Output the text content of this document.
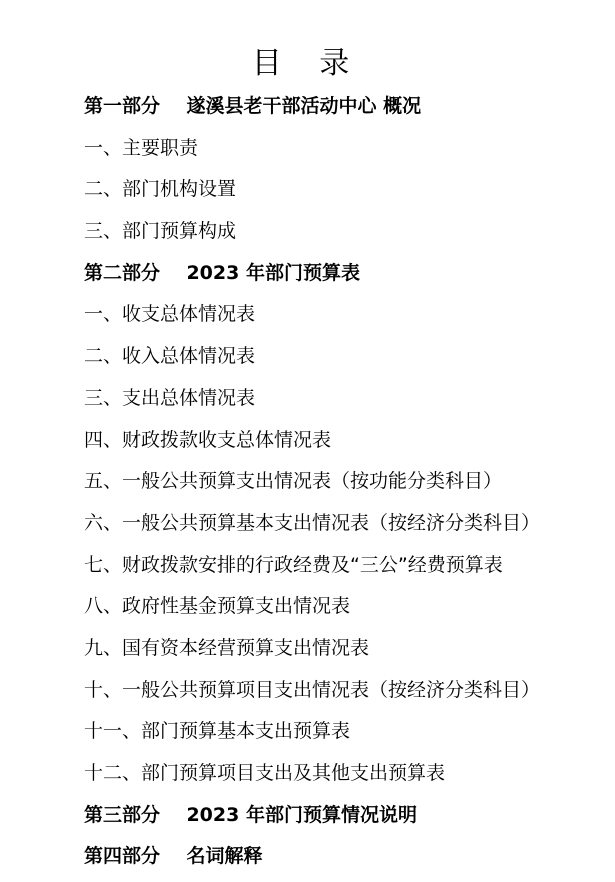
目 录
第一部分    遂溪县老干部活动中心 概况
一、主要职责
二、部门机构设置
三、部门预算构成
第二部分    2023 年部门预算表
一、收支总体情况表
二、收入总体情况表
三、支出总体情况表
四、财政拨款收支总体情况表
五、一般公共预算支出情况表（按功能分类科目）
六、一般公共预算基本支出情况表（按经济分类科目）
七、财政拨款安排的行政经费及“三公”经费预算表
八、政府性基金预算支出情况表
九、国有资本经营预算支出情况表
十、一般公共预算项目支出情况表（按经济分类科目）
十一、部门预算基本支出预算表
十二、部门预算项目支出及其他支出预算表
第三部分    2023 年部门预算情况说明
第四部分    名词解释
